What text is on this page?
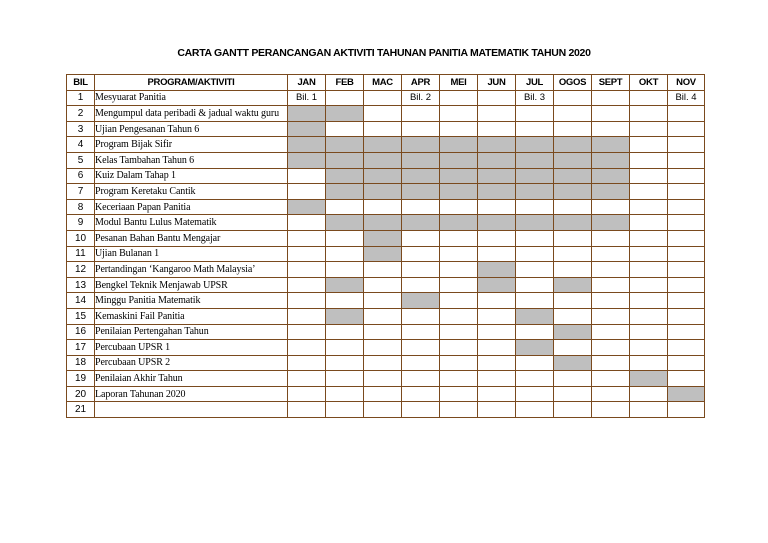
CARTA GANTT PERANCANGAN AKTIVITI TAHUNAN PANITIA MATEMATIK TAHUN 2020
BIL	PROGRAM/AKTIVITI	JAN	FEB	MAC	APR	MEI	JUN	JUL	OGOS	SEPT	OKT	NOV
1	Mesyuarat Panitia	Bil. 1			Bil. 2			Bil. 3				Bil. 4
2	Mengumpul data peribadi & jadual waktu guru											
3	Ujian Pengesanan Tahun 6											
4	Program Bijak Sifir											
5	Kelas Tambahan Tahun 6											
6	Kuiz Dalam Tahap 1											
7	Program Keretaku Cantik											
8	Keceriaan Papan Panitia											
9	Modul Bantu Lulus Matematik											
10	Pesanan Bahan Bantu Mengajar											
11	Ujian Bulanan 1											
12	Pertandingan ‘Kangaroo Math Malaysia’											
13	Bengkel Teknik Menjawab UPSR											
14	Minggu Panitia Matematik											
15	Kemaskini Fail Panitia											
16	Penilaian Pertengahan Tahun											
17	Percubaan UPSR 1											
18	Percubaan UPSR 2											
19	Penilaian Akhir Tahun											
20	Laporan Tahunan 2020											
21												
